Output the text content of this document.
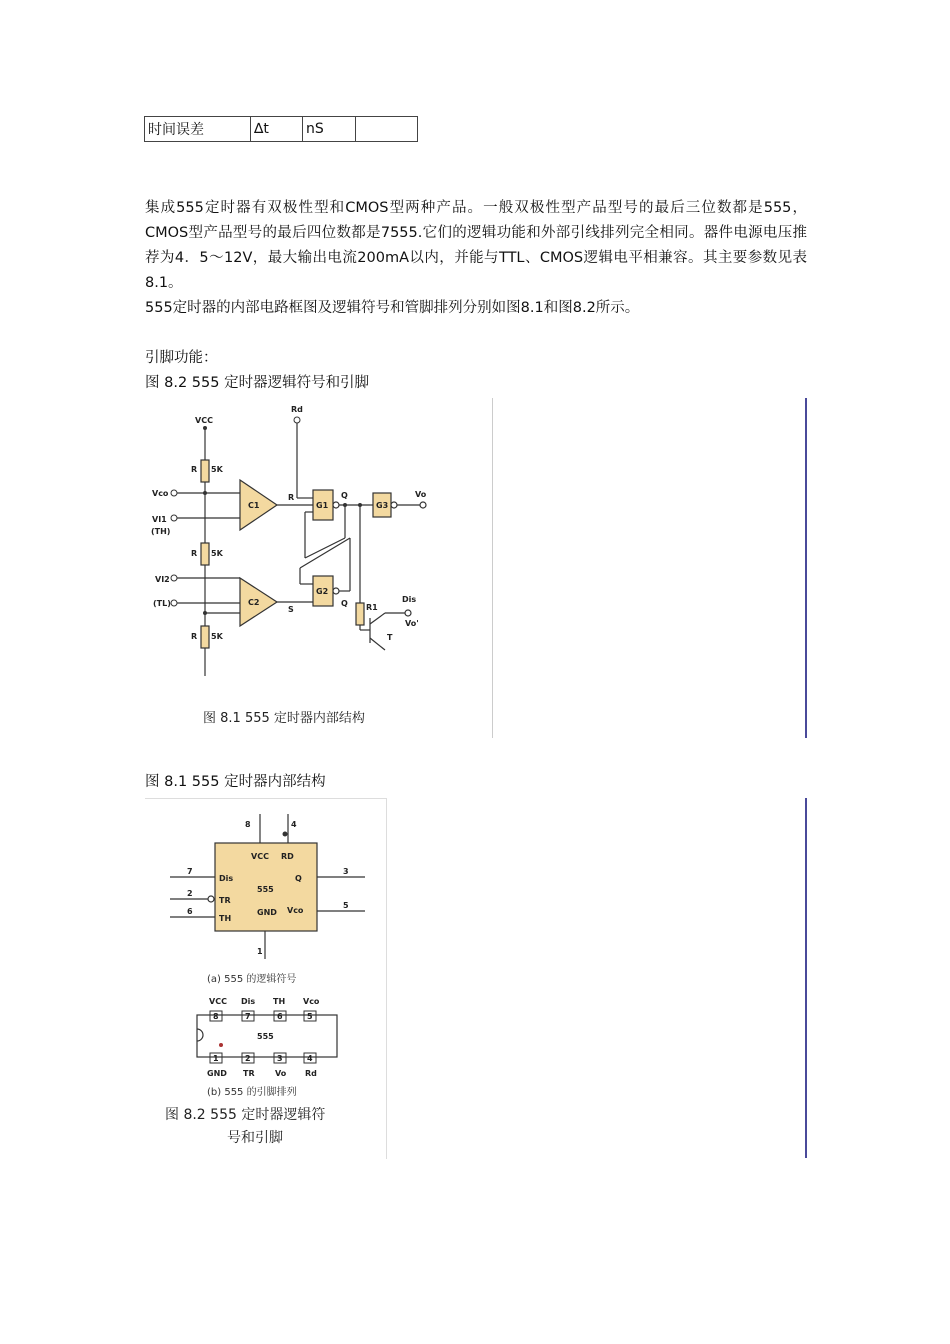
时间误差	∆t	nS	
集成555定时器有双极性型和CMOS型两种产品。一般双极性型产品型号的最后三位数都是555，CMOS型产品型号的最后四位数都是7555.它们的逻辑功能和外部引线排列完全相同。器件电源电压推荐为4．5～12V，最大输出电流200mA以内，并能与TTL、CMOS逻辑电平相兼容。其主要参数见表8.1。
555定时器的内部电路框图及逻辑符号和管脚排列分别如图8.1和图8.2所示。
引脚功能：
图 8.2 555 定时器逻辑符号和引脚
VCC
Rd
Vco
VI1
(TH)
VI2
(TL)
R 5K
R 5K
R 5K
C1
C2
G1
G2
G3
R
S
Q
Q
Vo
R1
Dis
Vo'
T
图 8.1 555 定时器内部结构
图 8.1 555 定时器内部结构
8	4
7
2
6
3
5
1
Dis
TR
TH
Q
Vco
VCC RD
GND
555
(a) 555 的逻辑符号
VCC Dis TH Vco
8	7	6	5
555
1	2	3	4
GND TR	Vo Rd
(b) 555 的引脚排列
图 8.2 555 定时器逻辑符
号和引脚
